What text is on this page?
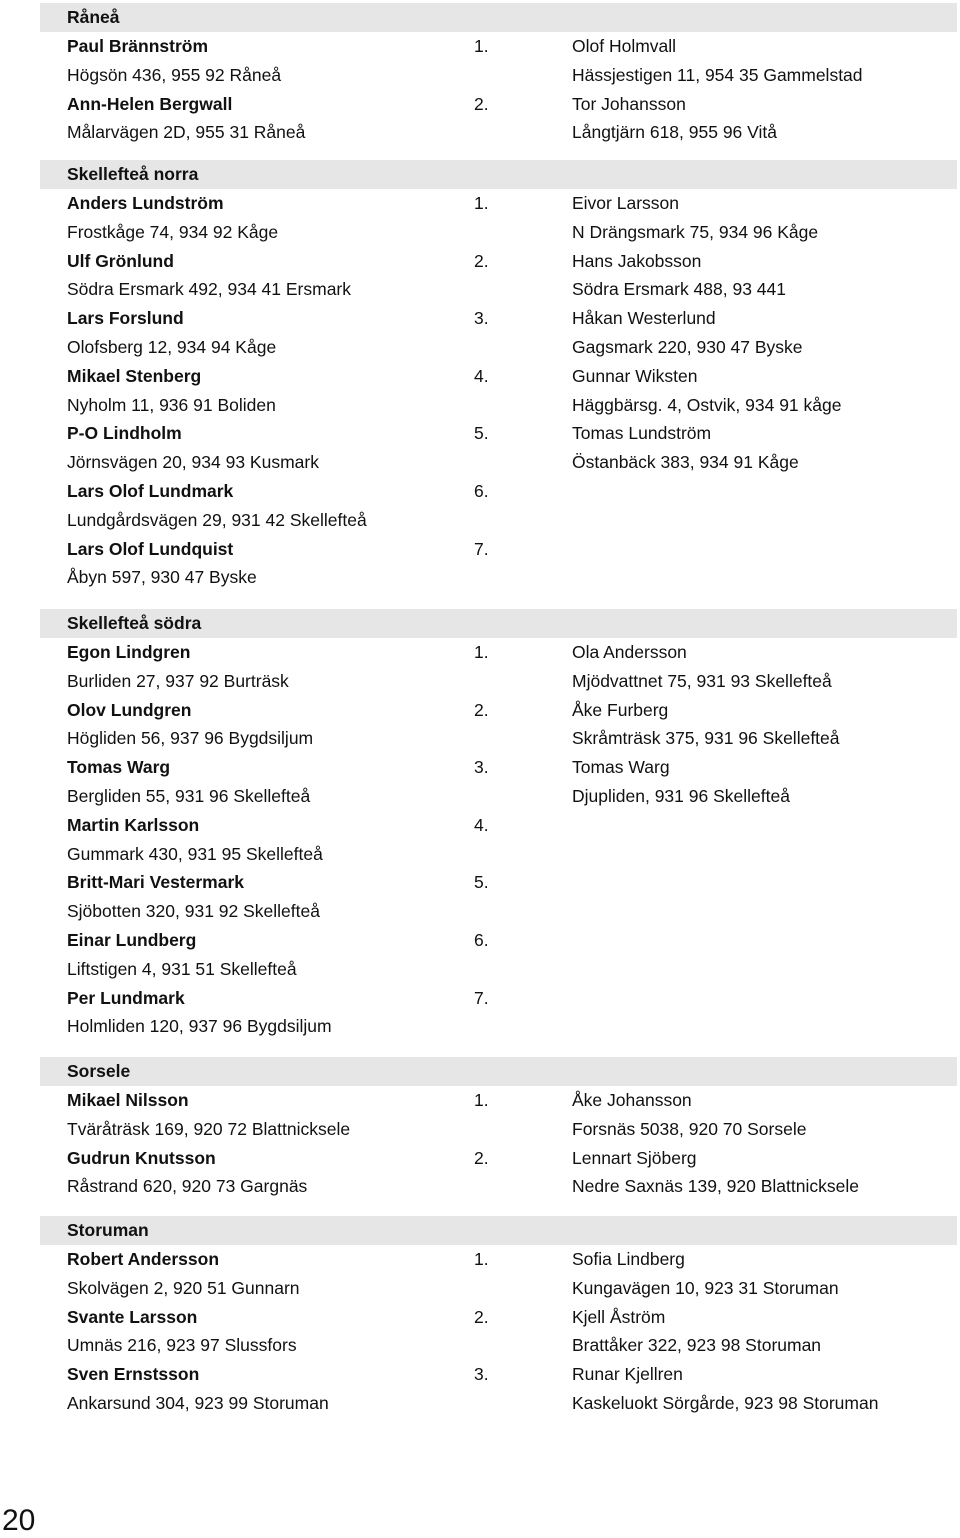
Råneå
Paul Brännström	1.	Olof Holmvall
Högsön 436, 955 92 Råneå	Hässjestigen 11, 954 35 Gammelstad
Ann-Helen Bergwall	2.	Tor Johansson
Målarvägen 2D, 955 31 Råneå	Långtjärn 618, 955 96 Vitå
Skellefteå norra
Anders Lundström	1.	Eivor Larsson
Frostkåge 74, 934 92 Kåge	N Drängsmark 75, 934 96 Kåge
Ulf Grönlund	2.	Hans Jakobsson
Södra Ersmark 492, 934 41 Ersmark	Södra Ersmark 488, 93 441
Lars Forslund	3.	Håkan Westerlund
Olofsberg 12, 934 94 Kåge	Gagsmark 220, 930 47 Byske
Mikael Stenberg	4.	Gunnar Wiksten
Nyholm 11, 936 91 Boliden	Häggbärsg. 4, Ostvik, 934 91 kåge
P-O Lindholm	5.	Tomas Lundström
Jörnsvägen 20, 934 93 Kusmark	Östanbäck 383, 934 91 Kåge
Lars Olof Lundmark	6.
Lundgårdsvägen 29, 931 42 Skellefteå
Lars Olof Lundquist	7.
Åbyn 597, 930 47 Byske
Skellefteå södra
Egon Lindgren	1.	Ola Andersson
Burliden 27, 937 92 Burträsk	Mjödvattnet 75, 931 93 Skellefteå
Olov Lundgren	2.	Åke Furberg
Högliden 56, 937 96 Bygdsiljum	Skråmträsk 375, 931 96 Skellefteå
Tomas Warg	3.	Tomas Warg
Bergliden 55, 931 96 Skellefteå	Djupliden, 931 96 Skellefteå
Martin Karlsson	4.
Gummark 430, 931 95 Skellefteå
Britt-Mari Vestermark	5.
Sjöbotten 320, 931 92 Skellefteå
Einar Lundberg	6.
Liftstigen 4, 931 51 Skellefteå
Per Lundmark	7.
Holmliden 120, 937 96 Bygdsiljum
Sorsele
Mikael Nilsson	1.	Åke Johansson
Tväråträsk 169, 920 72 Blattnicksele	Forsnäs 5038, 920 70 Sorsele
Gudrun Knutsson	2.	Lennart Sjöberg
Råstrand 620, 920 73 Gargnäs	Nedre Saxnäs 139, 920 Blattnicksele
Storuman
Robert Andersson	1.	Sofia Lindberg
Skolvägen 2, 920 51 Gunnarn	Kungavägen 10, 923 31 Storuman
Svante Larsson	2.	Kjell Åström
Umnäs 216, 923 97 Slussfors	Brattåker 322, 923 98 Storuman
Sven Ernstsson	3.	Runar Kjellren
Ankarsund 304, 923 99 Storuman	Kaskeluokt Sörgårde, 923 98 Storuman
20
